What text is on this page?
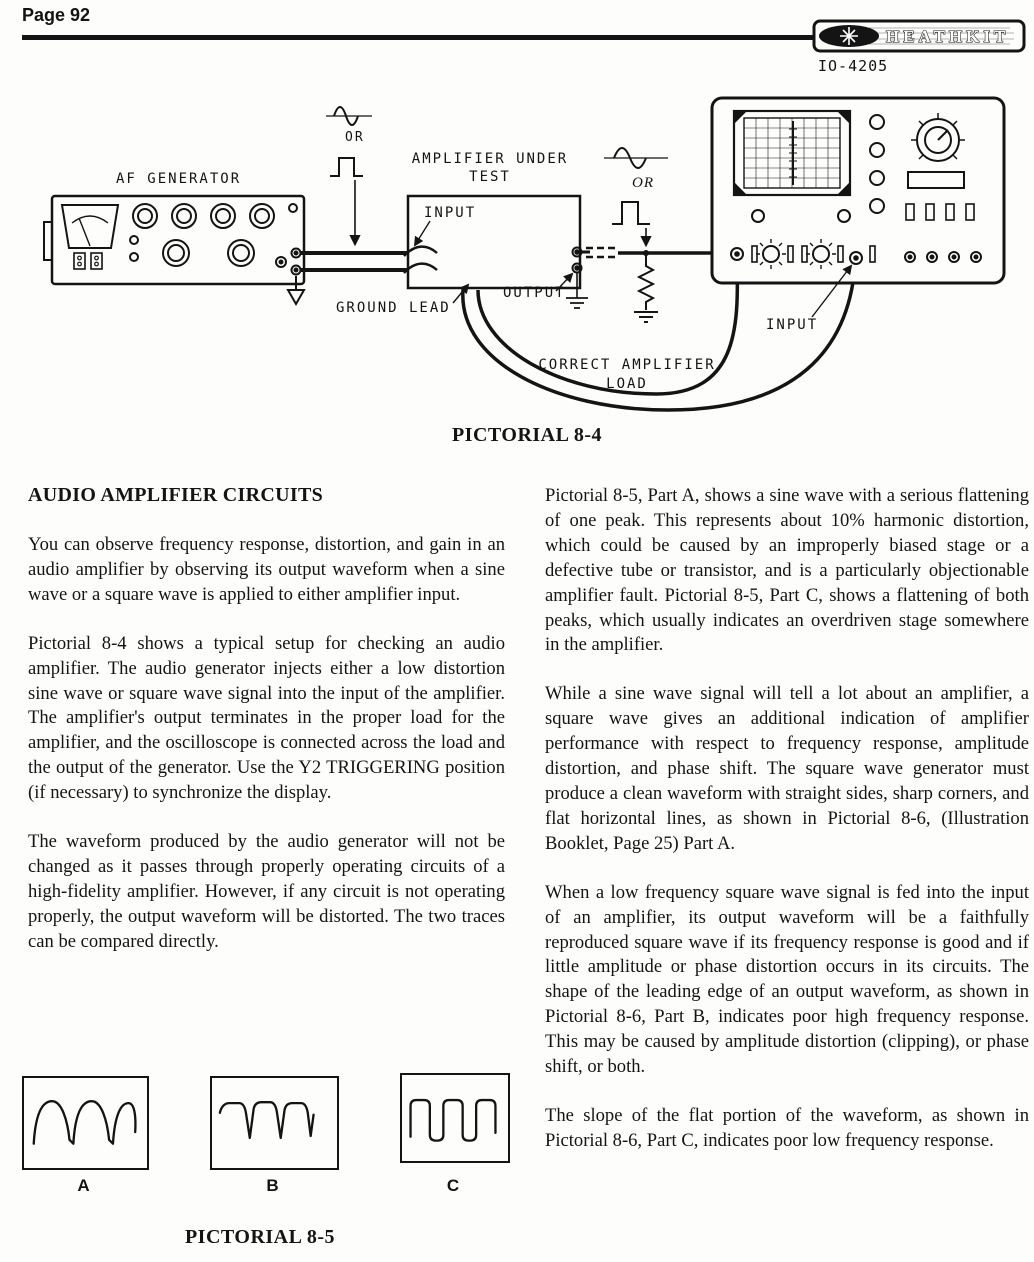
Page 92
HEATHKIT
IO-4205
AF GENERATOR
OR
AMPLIFIER UNDER
TEST
INPUT
GROUND LEAD
OUTPUT
OR
CORRECT AMPLIFIER
LOAD
INPUT
PICTORIAL 8-4
AUDIO AMPLIFIER CIRCUITS

You can observe frequency response, distortion, and gain in an audio amplifier by observing its output waveform when a sine wave or a square wave is applied to either amplifier input.

Pictorial 8-4 shows a typical setup for checking an audio amplifier. The audio generator injects either a low distortion sine wave or square wave signal into the input of the amplifier. The amplifier's output terminates in the proper load for the amplifier, and the oscilloscope is connected across the load and the output of the generator. Use the Y2 TRIGGERING position (if necessary) to synchronize the display.

The waveform produced by the audio generator will not be changed as it passes through properly operating circuits of a high-fidelity amplifier. However, if any circuit is not operating properly, the output waveform will be distorted. The two traces can be compared directly.

Pictorial 8-5, Part A, shows a sine wave with a serious flattening of one peak. This represents about 10% harmonic distortion, which could be caused by an improperly biased stage or a defective tube or transistor, and is a particularly objectionable amplifier fault. Pictorial 8-5, Part C, shows a flattening of both peaks, which usually indicates an overdriven stage somewhere in the amplifier.

While a sine wave signal will tell a lot about an amplifier, a square wave gives an additional indication of amplifier performance with respect to frequency response, amplitude distortion, and phase shift. The square wave generator must produce a clean waveform with straight sides, sharp corners, and flat horizontal lines, as shown in Pictorial 8-6, (Illustration Booklet, Page 25) Part A.

When a low frequency square wave signal is fed into the input of an amplifier, its output waveform will be a faithfully reproduced square wave if its frequency response is good and if little amplitude or phase distortion occurs in its circuits. The shape of the leading edge of an output waveform, as shown in Pictorial 8-6, Part B, indicates poor high frequency response. This may be caused by amplitude distortion (clipping), or phase shift, or both.

The slope of the flat portion of the waveform, as shown in Pictorial 8-6, Part C, indicates poor low frequency response.

A	B	C
PICTORIAL 8-5
